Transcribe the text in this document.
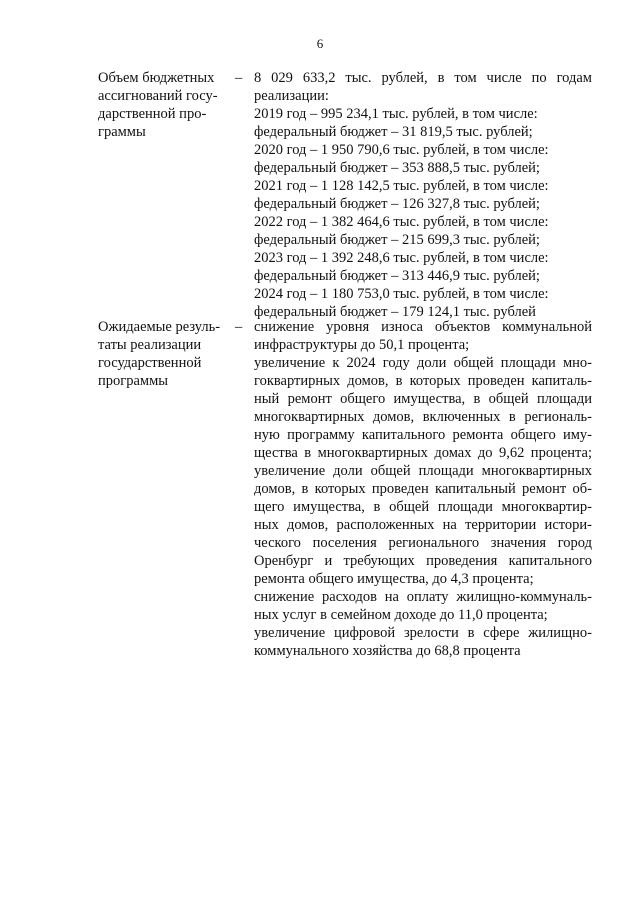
6
Объем бюджетных
ассигнований госу-
дарственной про-
граммы
– 8 029 633,2 тыс. рублей, в том числе по годам
реализации:
2019 год – 995 234,1 тыс. рублей, в том числе:
федеральный бюджет – 31 819,5 тыс. рублей;
2020 год – 1 950 790,6 тыс. рублей, в том числе:
федеральный бюджет – 353 888,5 тыс. рублей;
2021 год – 1 128 142,5 тыс. рублей, в том числе:
федеральный бюджет – 126 327,8 тыс. рублей;
2022 год – 1 382 464,6 тыс. рублей, в том числе:
федеральный бюджет – 215 699,3 тыс. рублей;
2023 год – 1 392 248,6 тыс. рублей, в том числе:
федеральный бюджет – 313 446,9 тыс. рублей;
2024 год – 1 180 753,0 тыс. рублей, в том числе:
федеральный бюджет – 179 124,1 тыс. рублей
Ожидаемые резуль-
таты реализации
государственной
программы
– снижение уровня износа объектов коммунальной
инфраструктуры до 50,1 процента;
увеличение к 2024 году доли общей площади мно-
гоквартирных домов, в которых проведен капиталь-
ный ремонт общего имущества, в общей площади
многоквартирных домов, включенных в региональ-
ную программу капитального ремонта общего иму-
щества в многоквартирных домах до 9,62 процента;
увеличение доли общей площади многоквартирных
домов, в которых проведен капитальный ремонт об-
щего имущества, в общей площади многоквартир-
ных домов, расположенных на территории истори-
ческого поселения регионального значения город
Оренбург и требующих проведения капитального
ремонта общего имущества, до 4,3 процента;
снижение расходов на оплату жилищно-коммуналь-
ных услуг в семейном доходе до 11,0 процента;
увеличение цифровой зрелости в сфере жилищно-
коммунального хозяйства до 68,8 процента
